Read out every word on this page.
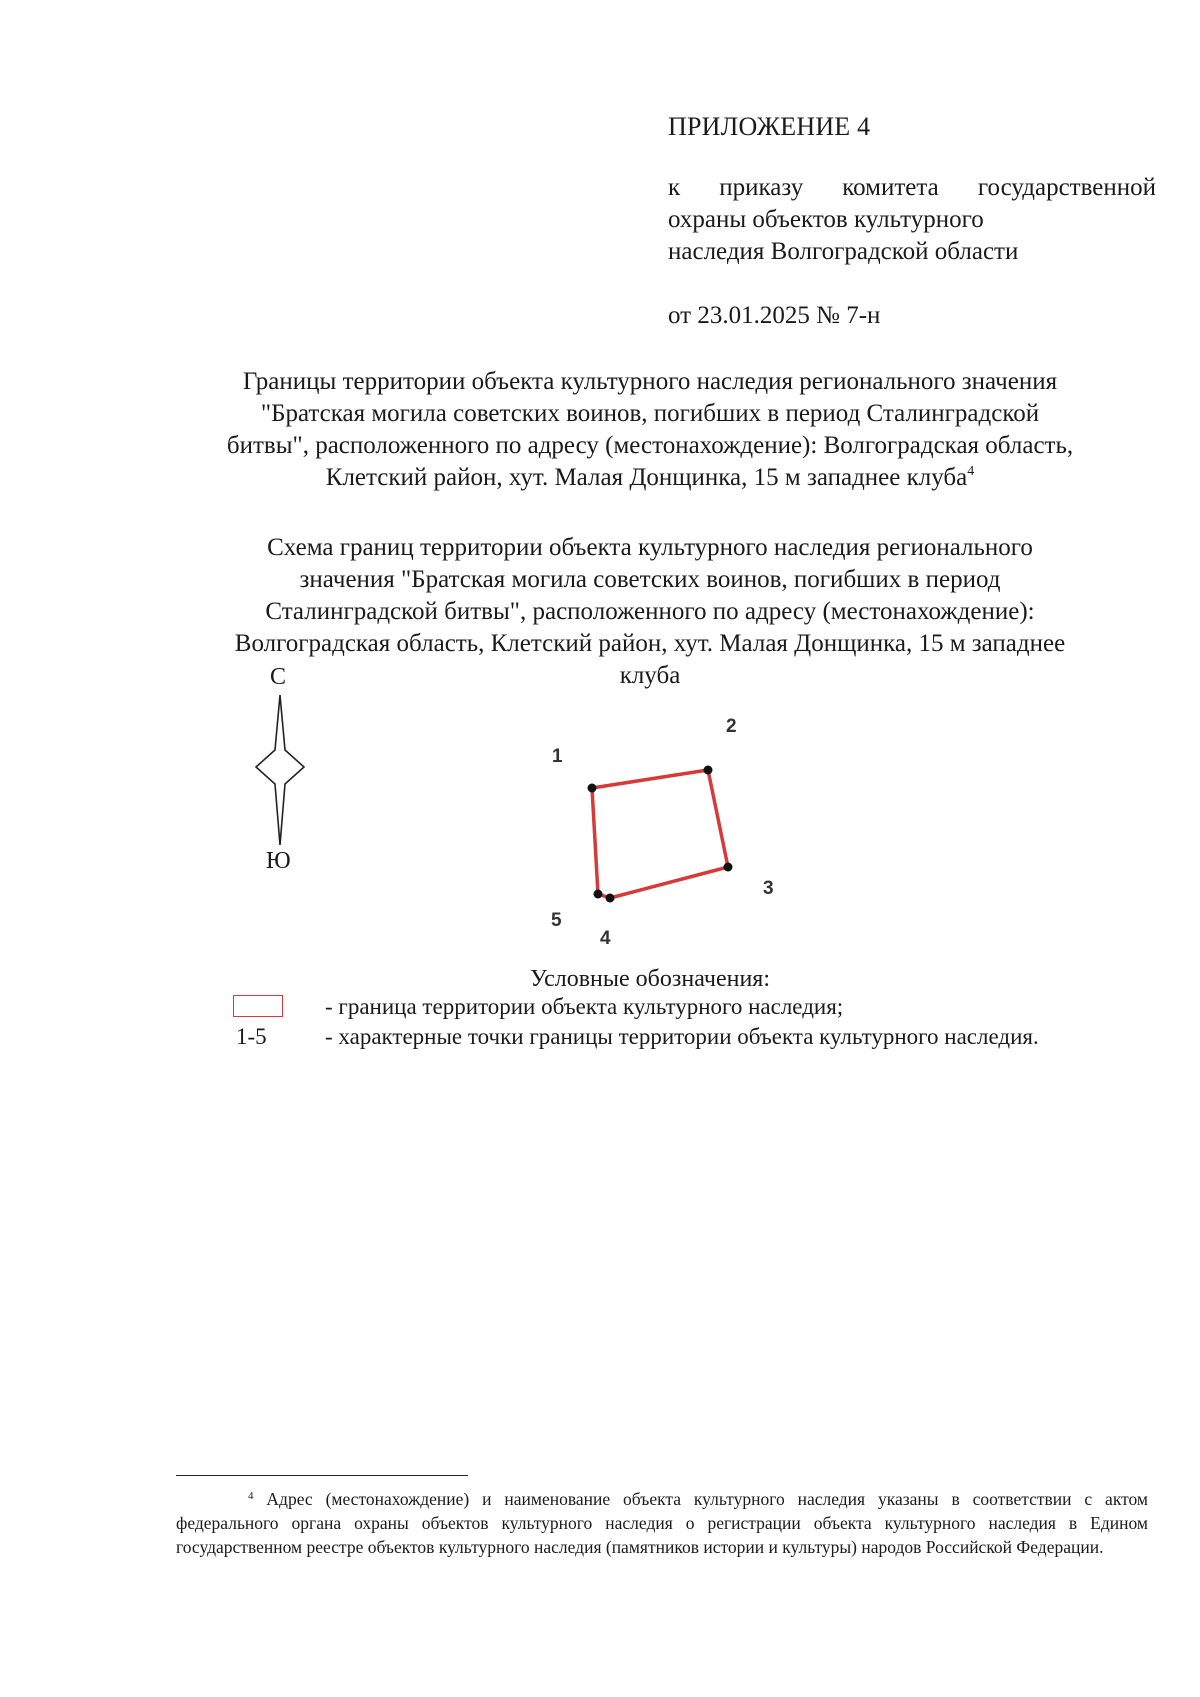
ПРИЛОЖЕНИЕ 4
к приказу комитета государственной
охраны объектов культурного
наследия Волгоградской области
от 23.01.2025 № 7-н
Границы территории объекта культурного наследия регионального значения
"Братская могила советских воинов, погибших в период Сталинградской
битвы", расположенного по адресу (местонахождение): Волгоградская область,
Клетский район, хут. Малая Донщинка, 15 м западнее клуба$^4$
Схема границ территории объекта культурного наследия регионального
значения "Братская могила советских воинов, погибших в период
Сталинградской битвы", расположенного по адресу (местонахождение):
Волгоградская область, Клетский район, хут. Малая Донщинка, 15 м западнее
клуба
С
Ю
1
2
3
4
5
Условные обозначения:
- граница территории объекта культурного наследия;
1-5	- характерные точки границы территории объекта культурного наследия.
$^4$ Адрес (местонахождение) и наименование объекта культурного наследия указаны в соответствии с актом федерального органа охраны объектов культурного наследия о регистрации объекта культурного наследия в Едином государственном реестре объектов культурного наследия (памятников истории и культуры) народов Российской Федерации.
